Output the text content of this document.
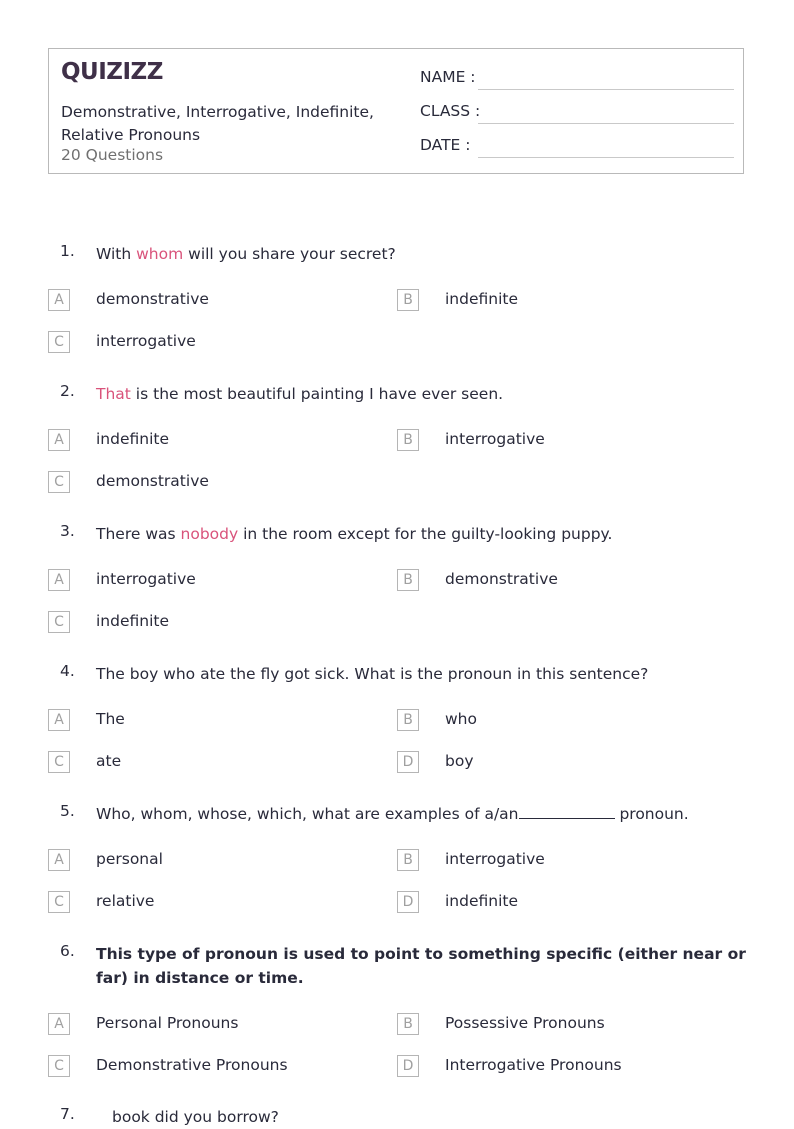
QUIZIZZ
Demonstrative, Interrogative, Indefinite, Relative Pronouns
20 Questions
NAME :
CLASS :
DATE :
1. With whom will you share your secret?
A	demonstrative	B	indefinite
C	interrogative
2. That is the most beautiful painting I have ever seen.
A	indefinite	B	interrogative
C	demonstrative
3. There was nobody in the room except for the guilty-looking puppy.
A	interrogative	B	demonstrative
C	indefinite
4. The boy who ate the fly got sick. What is the pronoun in this sentence?
A	The	B	who
C	ate	D	boy
5. Who, whom, whose, which, what are examples of a/an	pronoun.
A	personal	B	interrogative
C	relative	D	indefinite
6. This type of pronoun is used to point to something specific (either near or far) in distance or time.
A	Personal Pronouns	B	Possessive Pronouns
C	Demonstrative Pronouns	D	Interrogative Pronouns
7. book did you borrow?
